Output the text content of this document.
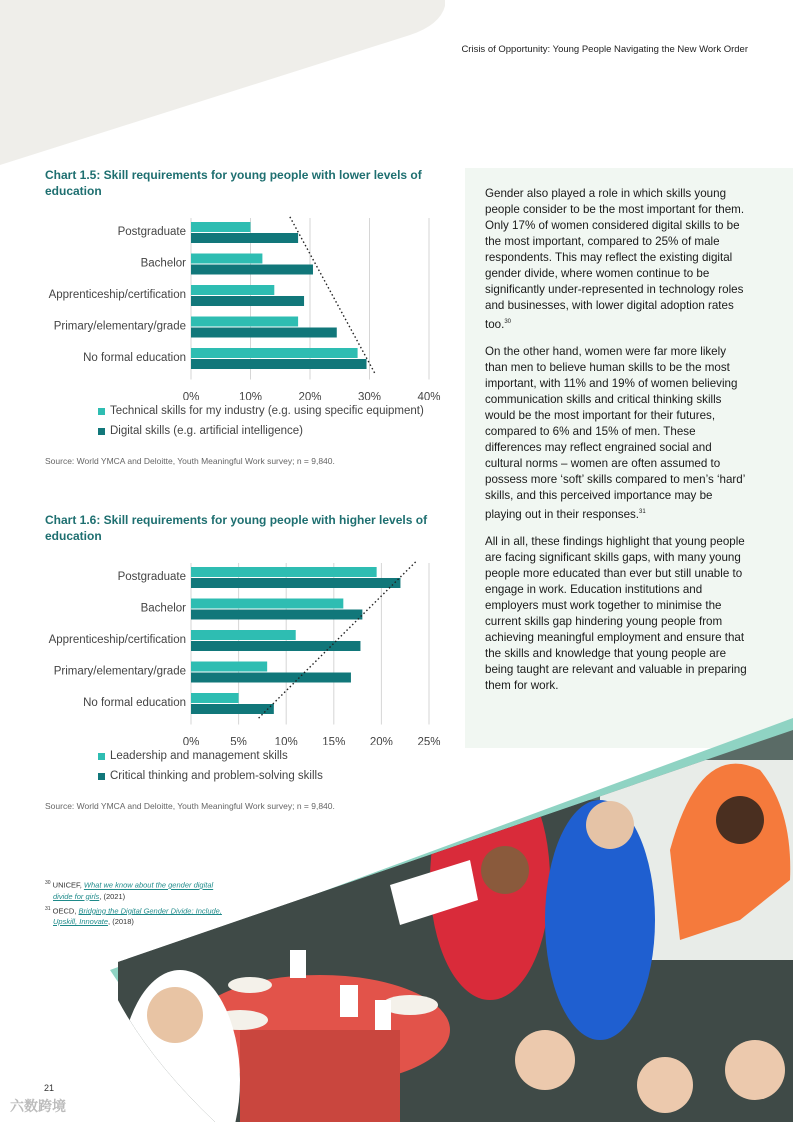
Crisis of Opportunity: Young People Navigating the New Work Order
Chart 1.5: Skill requirements for young people with lower levels of education
0%	10%	20%	30%	40%
Postgraduate
Bachelor
Apprenticeship/certification
Primary/elementary/grade
No formal education
Technical skills for my industry (e.g. using specific equipment)
Digital skills (e.g. artificial intelligence)
Source: World YMCA and Deloitte, Youth Meaningful Work survey; n = 9,840.
Chart 1.6: Skill requirements for young people with higher levels of education
0%	5% 10% 15% 20% 25%
Postgraduate
Bachelor
Apprenticeship/certification
Primary/elementary/grade
No formal education
Leadership and management skills
Critical thinking and problem-solving skills
Source: World YMCA and Deloitte, Youth Meaningful Work survey; n = 9,840.

Gender also played a role in which skills young people consider to be the most important for them. Only 17% of women considered digital skills to be the most important, compared to 25% of male respondents. This may reflect the existing digital gender divide, where women continue to be significantly under-represented in technology roles and businesses, with lower digital adoption rates too.$^{30}$

On the other hand, women were far more likely than men to believe human skills to be the most important, with 11% and 19% of women believing communication skills and critical thinking skills would be the most important for their futures, compared to 6% and 15% of men. These differences may reflect engrained social and cultural norms – women are often assumed to possess more ‘soft’ skills compared to men’s ‘hard’ skills, and this perceived importance may be playing out in their responses.$^{31}$

All in all, these findings highlight that young people are facing significant skills gaps, with many young people more educated than ever but still unable to engage in work. Education institutions and employers must work together to minimise the current skills gap hindering young people from achieving meaningful employment and ensure that the skills and knowledge that young people are being taught are relevant and valuable in preparing them for work.

$^{30}$ UNICEF, What we know about the gender digital

divide for girls, (2021)

$^{31}$ OECD, Bridging the Digital Gender Divide: Include,

Upskill, Innovate, (2018)

21
六数跨境
